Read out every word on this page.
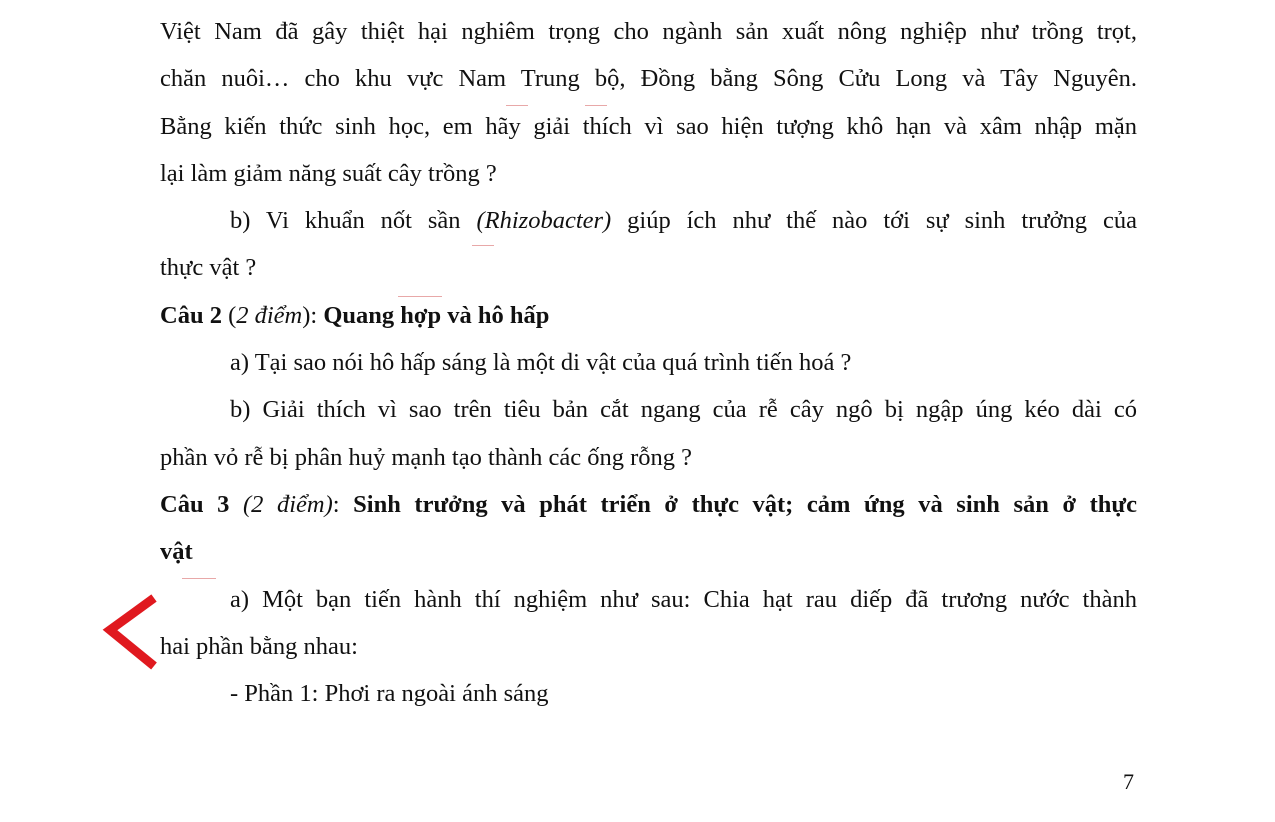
Việt Nam đã gây thiệt hại nghiêm trọng cho ngành sản xuất nông nghiệp như trồng trọt,

chăn nuôi… cho khu vực Nam Trung bộ, Đồng bằng Sông Cửu Long và Tây Nguyên.

Bằng kiến thức sinh học, em hãy giải thích vì sao hiện tượng khô hạn và xâm nhập mặn

lại làm giảm năng suất cây trồng ?

b) Vi khuẩn nốt sần (Rhizobacter) giúp ích như thế nào tới sự sinh trưởng của

thực vật ?

Câu 2 (2 điểm): Quang hợp và hô hấp

a) Tại sao nói hô hấp sáng là một di vật của quá trình tiến hoá ?

b) Giải thích vì sao trên tiêu bản cắt ngang của rễ cây ngô bị ngập úng kéo dài có

phần vỏ rễ bị phân huỷ mạnh tạo thành các ống rỗng ?

Câu 3 (2 điểm): Sinh trưởng và phát triển ở thực vật; cảm ứng và sinh sản ở thực

vật

a) Một bạn tiến hành thí nghiệm như sau: Chia hạt rau diếp đã trương nước thành

hai phần bằng nhau:

- Phần 1: Phơi ra ngoài ánh sáng

7
